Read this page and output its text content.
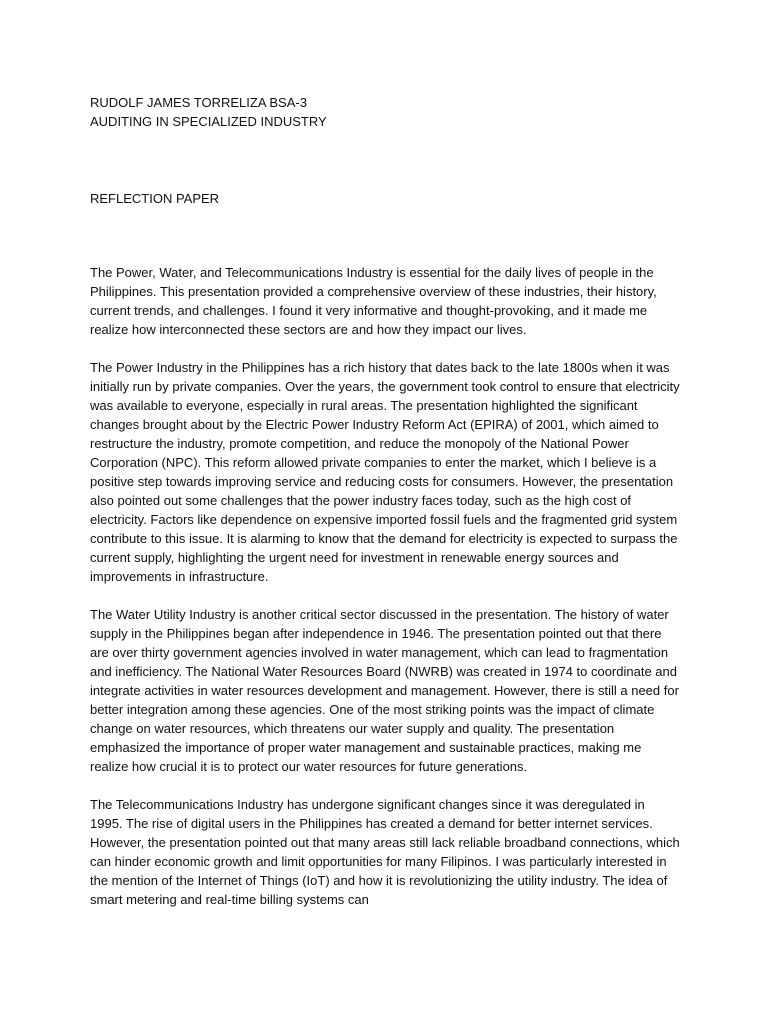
RUDOLF JAMES TORRELIZA BSA-3
AUDITING IN SPECIALIZED INDUSTRY
REFLECTION PAPER

The Power, Water, and Telecommunications Industry is essential for the daily lives of people in the Philippines. This presentation provided a comprehensive overview of these industries, their history, current trends, and challenges. I found it very informative and thought-provoking, and it made me realize how interconnected these sectors are and how they impact our lives.

The Power Industry in the Philippines has a rich history that dates back to the late 1800s when it was initially run by private companies. Over the years, the government took control to ensure that electricity was available to everyone, especially in rural areas. The presentation highlighted the significant changes brought about by the Electric Power Industry Reform Act (EPIRA) of 2001, which aimed to restructure the industry, promote competition, and reduce the monopoly of the National Power Corporation (NPC). This reform allowed private companies to enter the market, which I believe is a positive step towards improving service and reducing costs for consumers. However, the presentation also pointed out some challenges that the power industry faces today, such as the high cost of electricity. Factors like dependence on expensive imported fossil fuels and the fragmented grid system contribute to this issue. It is alarming to know that the demand for electricity is expected to surpass the current supply, highlighting the urgent need for investment in renewable energy sources and improvements in infrastructure.

The Water Utility Industry is another critical sector discussed in the presentation. The history of water supply in the Philippines began after independence in 1946. The presentation pointed out that there are over thirty government agencies involved in water management, which can lead to fragmentation and inefficiency. The National Water Resources Board (NWRB) was created in 1974 to coordinate and integrate activities in water resources development and management. However, there is still a need for better integration among these agencies. One of the most striking points was the impact of climate change on water resources, which threatens our water supply and quality. The presentation emphasized the importance of proper water management and sustainable practices, making me realize how crucial it is to protect our water resources for future generations.

The Telecommunications Industry has undergone significant changes since it was deregulated in 1995. The rise of digital users in the Philippines has created a demand for better internet services. However, the presentation pointed out that many areas still lack reliable broadband connections, which can hinder economic growth and limit opportunities for many Filipinos. I was particularly interested in the mention of the Internet of Things (IoT) and how it is revolutionizing the utility industry. The idea of smart metering and real-time billing systems can
